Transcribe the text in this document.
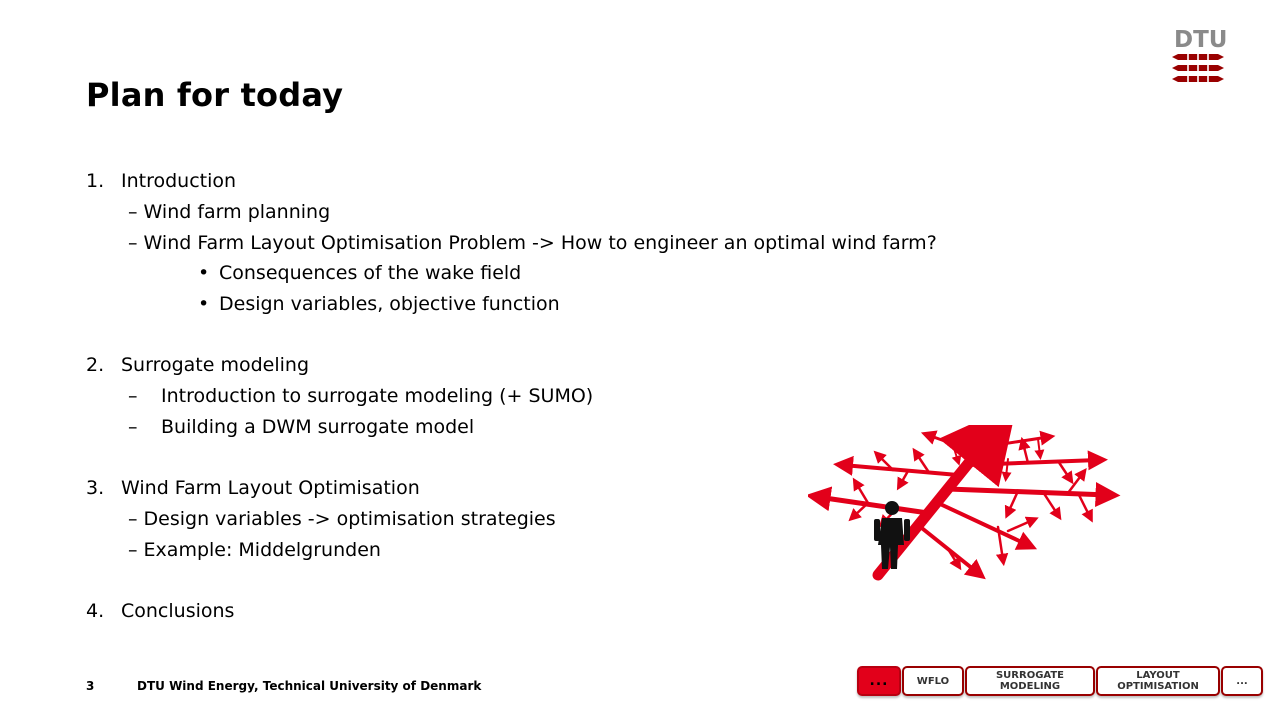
Plan for today
DTU
1. Introduction
– Wind farm planning
– Wind Farm Layout Optimisation Problem -> How to engineer an optimal wind farm?
• Consequences of the wake field
• Design variables, objective function
2. Surrogate modeling
– Introduction to surrogate modeling (+ SUMO)
– Building a DWM surrogate model
3. Wind Farm Layout Optimisation
– Design variables -> optimisation strategies
– Example: Middelgrunden
4. Conclusions
3	DTU Wind Energy, Technical University of Denmark	...	WFLO	SURROGATE MODELING
LAYOUT OPTIMISATION	...
